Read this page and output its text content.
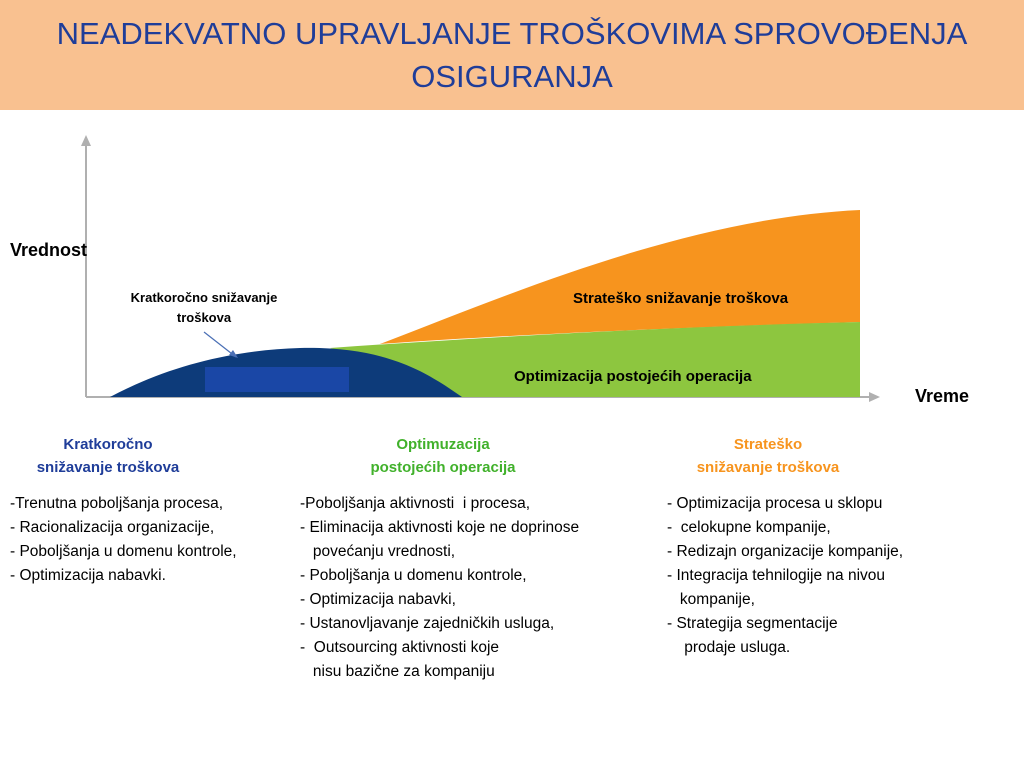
NEADEKVATNO UPRAVLJANJE TROŠKOVIMA SPROVOĐENJA OSIGURANJA
Vrednost
Vreme
Kratkoročno snižavanje troškova
Strateško snižavanje troškova
Optimizacija postojećih operacija
Kratkoročno
snižavanje troškova
-Trenutna poboljšanja procesa,
- Racionalizacija organizacije,
- Poboljšanja u domenu kontrole,
- Optimizacija nabavki.
Optimuzacija
postojećih operacija
-Poboljšanja aktivnosti  i procesa,
- Eliminacija aktivnosti koje ne doprinose
povećanju vrednosti,
- Poboljšanja u domenu kontrole,
- Optimizacija nabavki,
- Ustanovljavanje zajedničkih usluga,
-  Outsourcing aktivnosti koje
nisu bazične za kompaniju
Strateško
snižavanje troškova
- Optimizacija procesa u sklopu
-  celokupne kompanije,
- Redizajn organizacije kompanije,
- Integracija tehnilogije na nivou
kompanije,
- Strategija segmentacije
prodaje usluga.
